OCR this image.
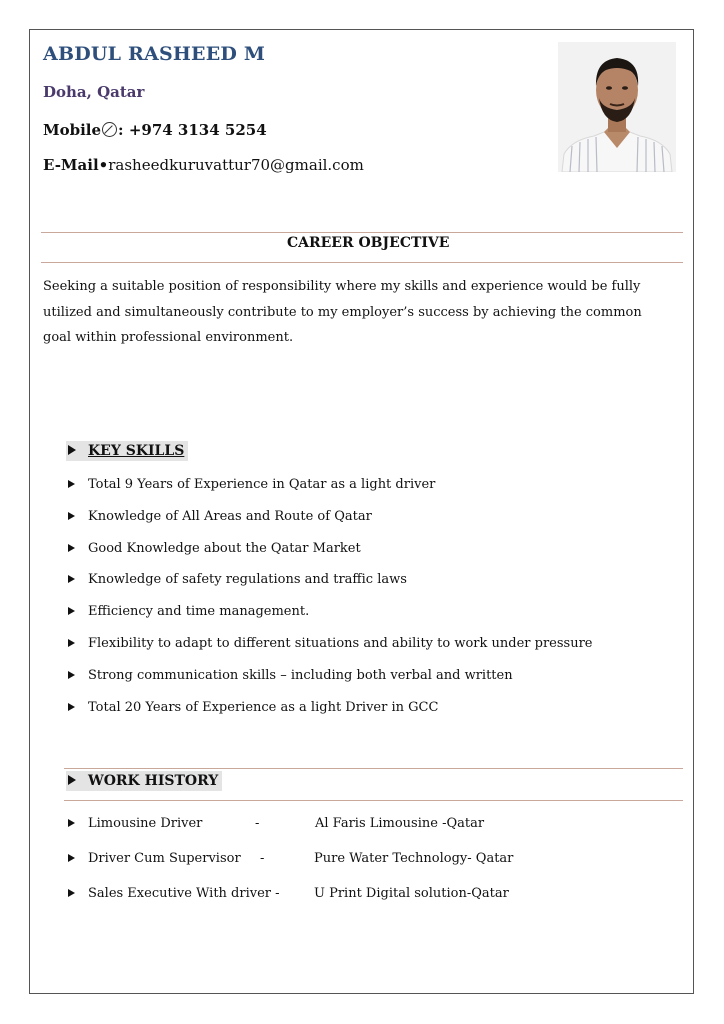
ABDUL RASHEED M
Doha, Qatar
Mobile : +974 3134 5254
E-Mail•rasheedkuruvattur70@gmail.com
CAREER OBJECTIVE
Seeking a suitable position of responsibility where my skills and experience would be fully utilized and simultaneously contribute to my employer’s success by achieving the common goal within professional environment.
KEY SKILLS
Total 9 Years of Experience in Qatar as a light driver
Knowledge of All Areas and Route of Qatar
Good Knowledge about the Qatar Market
Knowledge of safety regulations and traffic laws
Efficiency and time management.
Flexibility to adapt to different situations and ability to work under pressure
Strong communication skills – including both verbal and written
Total 20 Years of Experience as a light Driver in GCC
WORK HISTORY
Limousine Driver	-	Al Faris Limousine -Qatar
Driver Cum Supervisor -	Pure Water Technology- Qatar
Sales Executive With driver -	U Print Digital solution-Qatar
